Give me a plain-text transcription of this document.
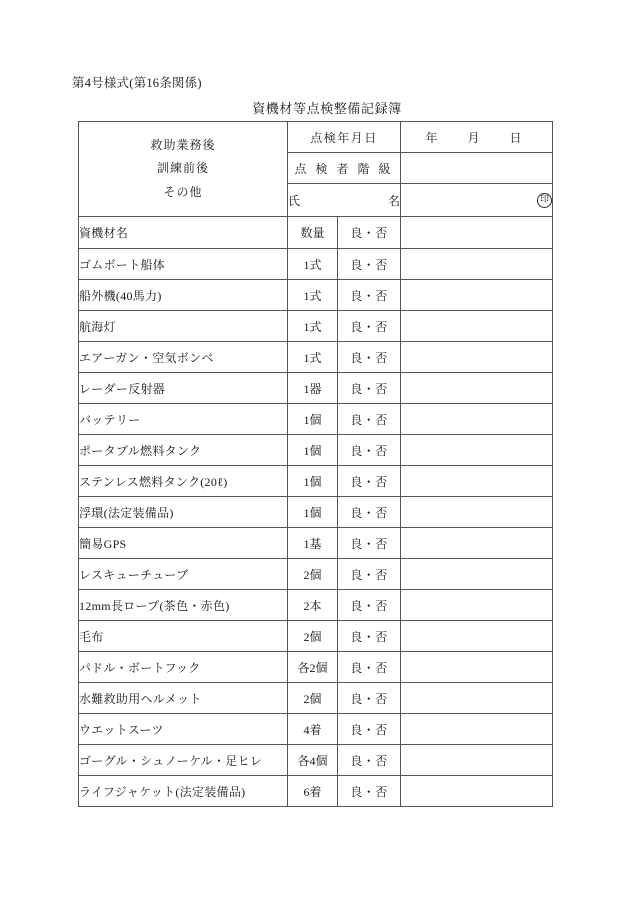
第4号様式(第16条関係)
資機材等点検整備記録簿
救助業務後
訓練前後
その他
	点検年月日	年	月	日

	点 検 者 階 級		

	氏 名		印
資機材名	数量	良・否	
ゴムボート船体	1式	良・否	
船外機(40馬力)	1式	良・否	
航海灯	1式	良・否	
エアーガン・空気ボンベ	1式	良・否	
レーダー反射器	1器	良・否	
バッテリー	1個	良・否	
ポータブル燃料タンク	1個	良・否	
ステンレス燃料タンク(20ℓ)	1個	良・否	
浮環(法定装備品)	1個	良・否	
簡易GPS	1基	良・否	
レスキューチューブ	2個	良・否	
12mm長ロープ(茶色・赤色)	2本	良・否	
毛布	2個	良・否	
パドル・ボートフック	各2個	良・否	
水難救助用ヘルメット	2個	良・否	
ウエットスーツ	4着	良・否	
ゴーグル・シュノーケル・足ヒレ	各4個	良・否	
ライフジャケット(法定装備品)	6着	良・否	
